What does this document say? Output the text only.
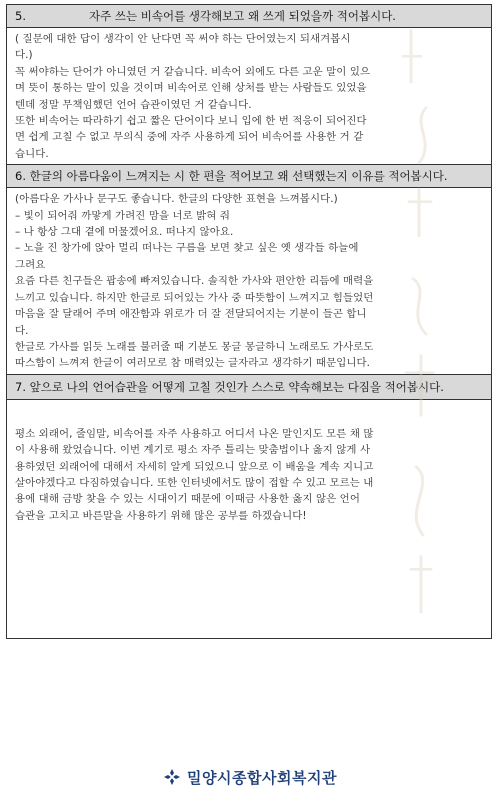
5.	자주 쓰는 비속어를 생각해보고 왜 쓰게 되었을까 적어봅시다.
( 질문에 대한 답이 생각이 안 난다면 꼭 써야 하는 단어였는지 되새겨봅시
다.)
꼭 써야하는 단어가 아니였던 거 같습니다. 비속어 외에도 다른 고운 말이 있으
며 뜻이 통하는 말이 있을 것이며 비속어로 인해 상처를 받는 사람들도 있었을
텐데 정말 무책임했던 언어 습관이였던 거 같습니다.
또한 비속어는 따라하기 쉽고 짧은 단어이다 보니 입에 한 번 적응이 되어진다
면 쉽게 고칠 수 없고 무의식 중에 자주 사용하게 되어 비속어를 사용한 거 같
습니다.
6. 한글의 아름다움이 느껴지는 시 한 편을 적어보고 왜 선택했는지 이유를 적어봅시다.
(아름다운 가사나 문구도 좋습니다. 한글의 다양한 표현을 느껴봅시다.)
– 빛이 되어줘 까맣게 가려진 맘을 너로 밝혀 줘
– 나 항상 그대 곁에 머물겠어요. 떠나지 않아요.
– 노을 진 창가에 앉아 멀리 떠나는 구름을 보면 찾고 싶은 옛 생각들 하늘에
그려요
요즘 다른 친구들은 팝송에 빠져있습니다. 솔직한 가사와 편안한 리듬에 매력을
느끼고 있습니다. 하지만 한글로 되어있는 가사 중 따뜻함이 느껴지고 힘들었던
마음을 잘 달래어 주며 애잔함과 위로가 더 잘 전달되어지는 기분이 들곤 합니
다.
한글로 가사를 읽듯 노래를 불러줄 때 기분도 몽글 몽글하니 노래로도 가사로도
따스함이 느껴져 한글이 여러모로 참 매력있는 글자라고 생각하기 때문입니다.
7. 앞으로 나의 언어습관을 어떻게 고칠 것인가 스스로 약속해보는 다짐을 적어봅시다.
평소 외래어, 줄임말, 비속어를 자주 사용하고 어디서 나온 말인지도 모른 채 많
이 사용해 왔었습니다. 이번 계기로 평소 자주 틀리는 맞춤법이나 옳지 않게 사
용하였던 외래어에 대해서 자세히 알게 되었으니 앞으로 이 배움을 계속 지니고
살아야겠다고 다짐하였습니다. 또한 인터넷에서도 많이 접할 수 있고 모르는 내
용에 대해 금방 찾을 수 있는 시대이기 때문에 이때금 사용한 옳지 않은 언어
습관을 고치고 바른말을 사용하기 위해 많은 공부를 하겠습니다!
밀양시종합사회복지관
